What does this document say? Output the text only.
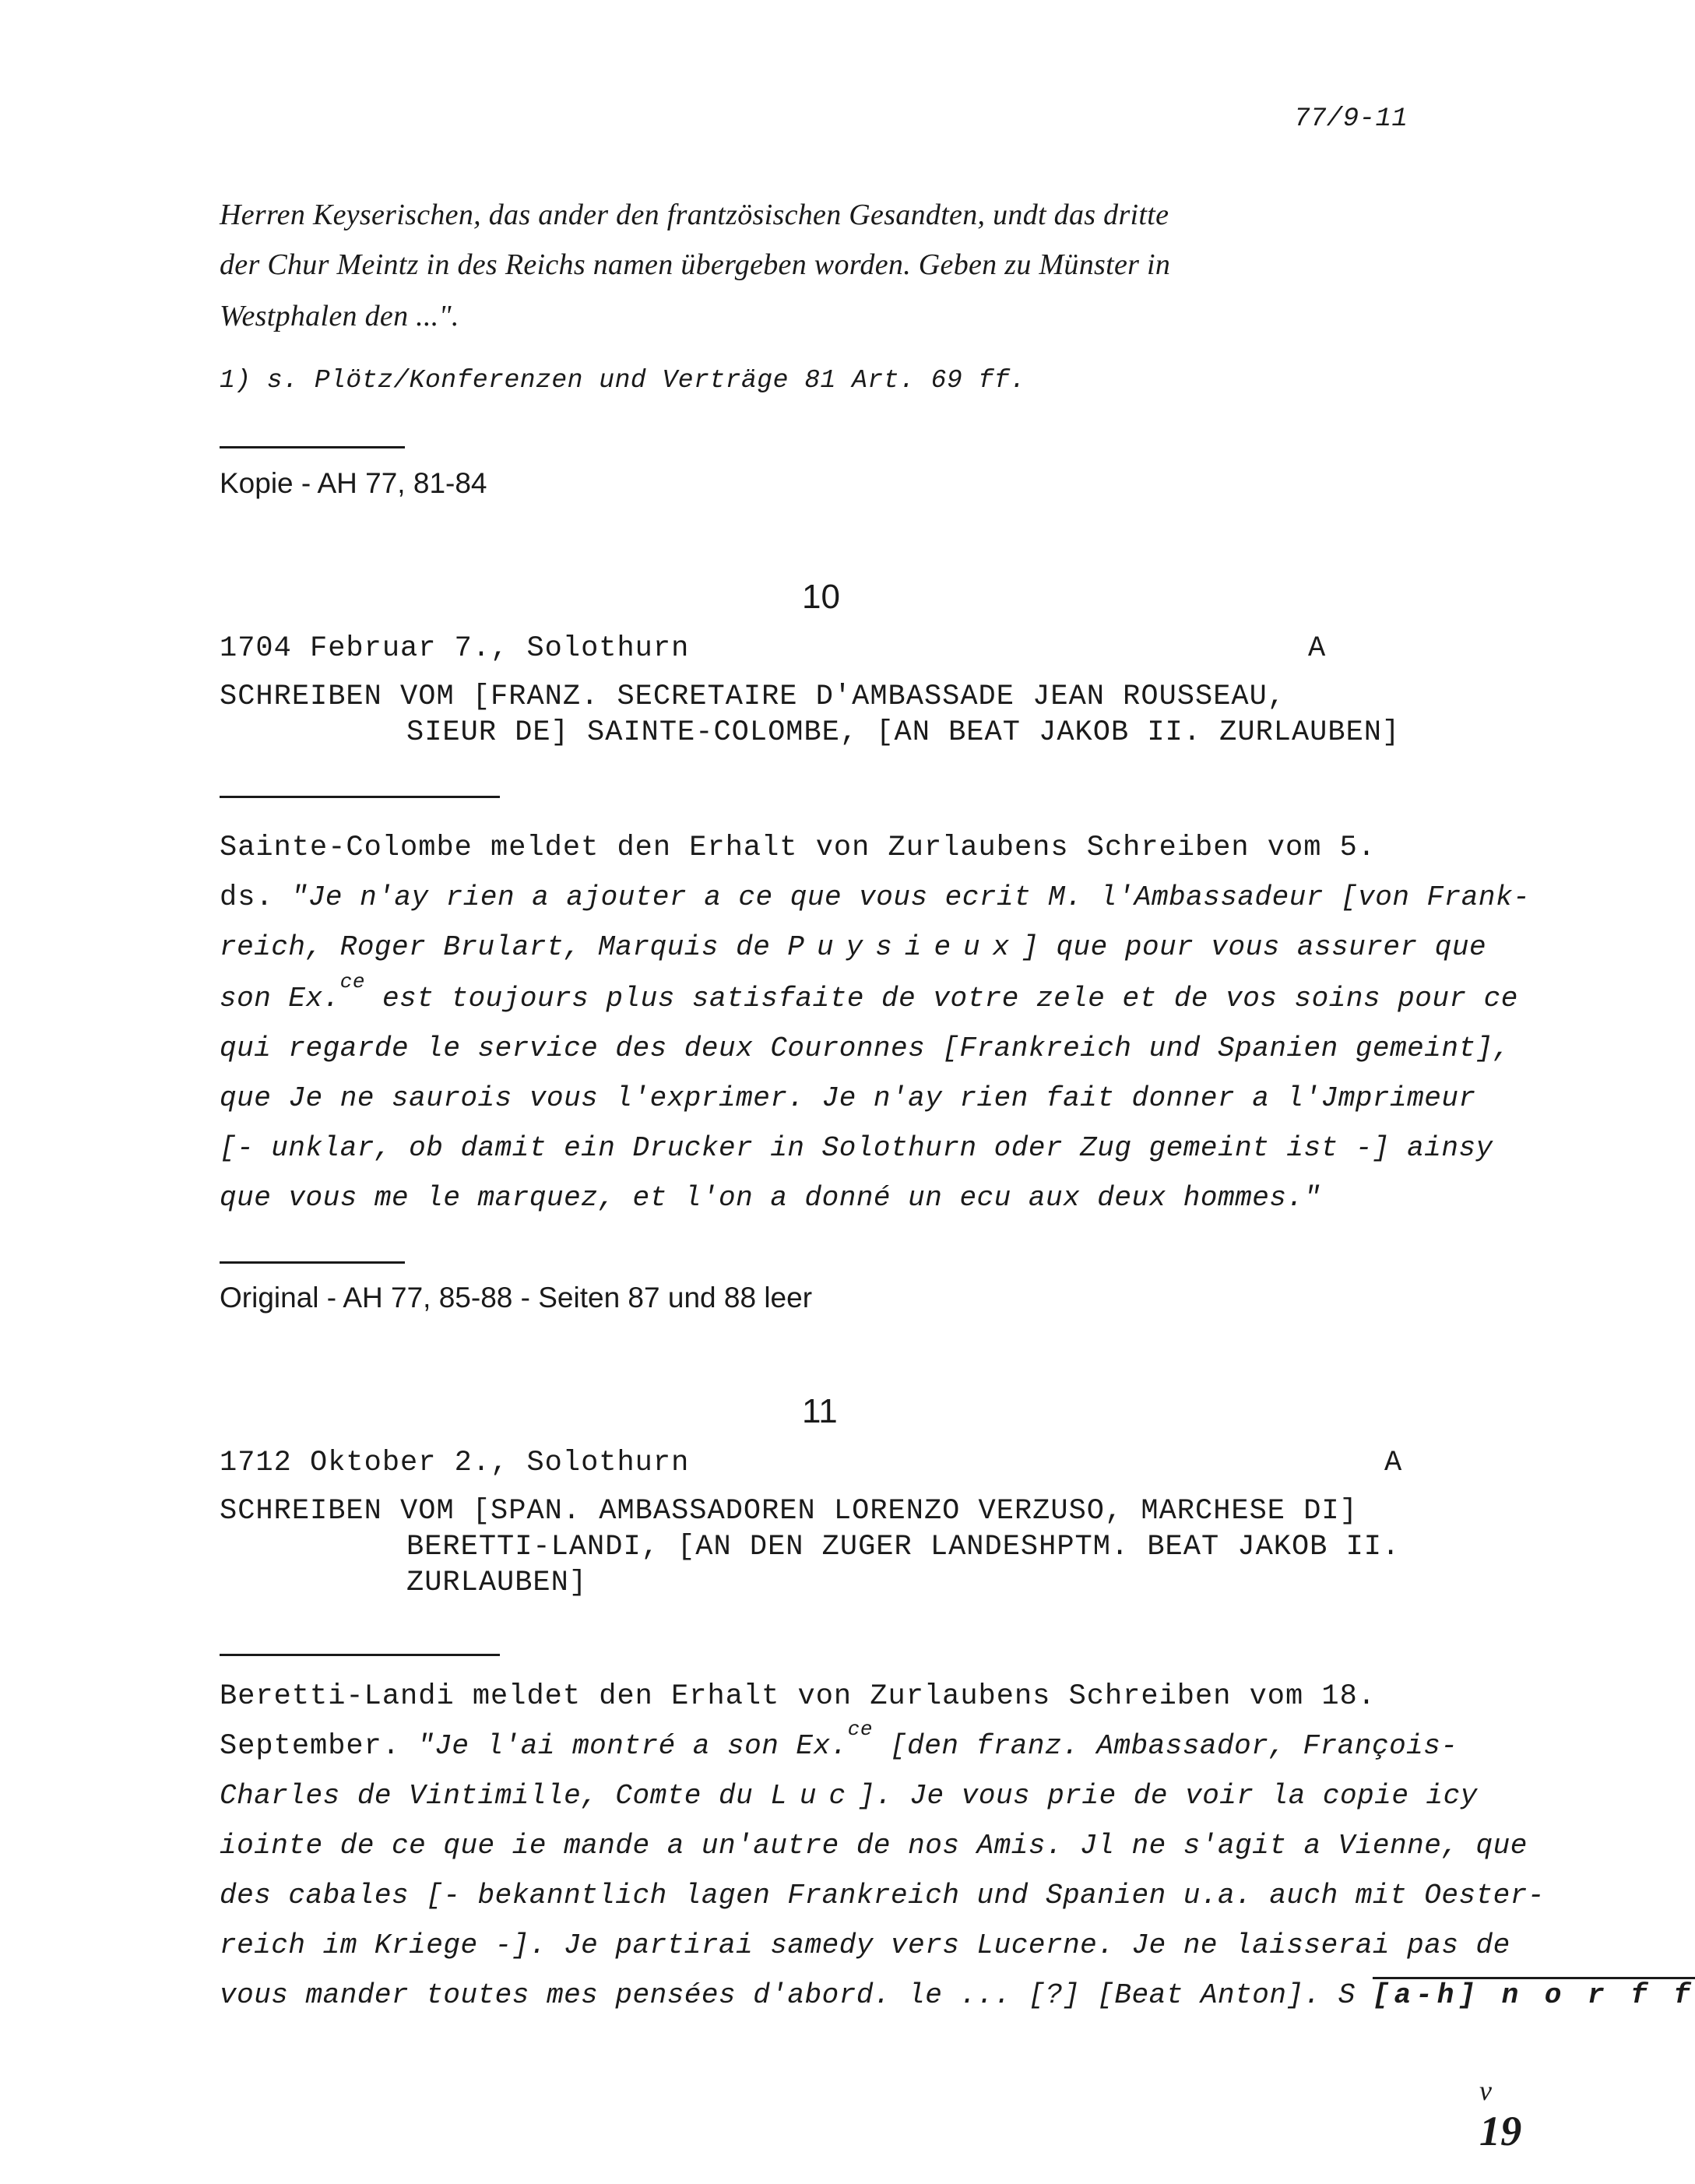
77/9-11

Herren Keyserischen, das ander den frantzösischen Gesandten, undt das dritte

der Chur Meintz in des Reichs namen übergeben worden. Geben zu Münster in

Westphalen den ...".

1) s. Plötz/Konferenzen und Verträge 81 Art. 69 ff.

Kopie - AH 77, 81-84

10

1704 Februar 7., Solothurn	A

SCHREIBEN VOM [FRANZ. SECRETAIRE D'AMBASSADE JEAN ROUSSEAU,

SIEUR DE] SAINTE-COLOMBE, [AN BEAT JAKOB II. ZURLAUBEN]

Sainte-Colombe meldet den Erhalt von Zurlaubens Schreiben vom 5.

ds. "Je n'ay rien a ajouter a ce que vous ecrit M. l'Ambassadeur [von Frank-

reich, Roger Brulart, Marquis de Puysieux] que pour vous assurer que

son Ex.$^{ce}$ est toujours plus satisfaite de votre zele et de vos soins pour ce

qui regarde le service des deux Couronnes [Frankreich und Spanien gemeint],

que Je ne saurois vous l'exprimer. Je n'ay rien fait donner a l'Jmprimeur

[- unklar, ob damit ein Drucker in Solothurn oder Zug gemeint ist -] ainsy

que vous me le marquez, et l'on a donné un ecu aux deux hommes."

Original - AH 77, 85-88 - Seiten 87 und 88 leer

11

1712 Oktober 2., Solothurn	A

SCHREIBEN VOM [SPAN. AMBASSADOREN LORENZO VERZUSO, MARCHESE DI]

BERETTI-LANDI, [AN DEN ZUGER LANDESHPTM. BEAT JAKOB II.

ZURLAUBEN]

Beretti-Landi meldet den Erhalt von Zurlaubens Schreiben vom 18.

September. "Je l'ai montré a son Ex.ce [den franz. Ambassador, François-

Charles de Vintimille, Comte du Luc]. Je vous prie de voir la copie icy

iointe de ce que ie mande a un'autre de nos Amis. Jl ne s'agit a Vienne, que

des cabales [- bekanntlich lagen Frankreich und Spanien u.a. auch mit Oester-

reich im Kriege -]. Je partirai samedy vers Lucerne. Je ne laisserai pas de

vous mander toutes mes pensées d'abord. le ... [?] [Beat Anton]. S [a-h] n o r f f

v

19
